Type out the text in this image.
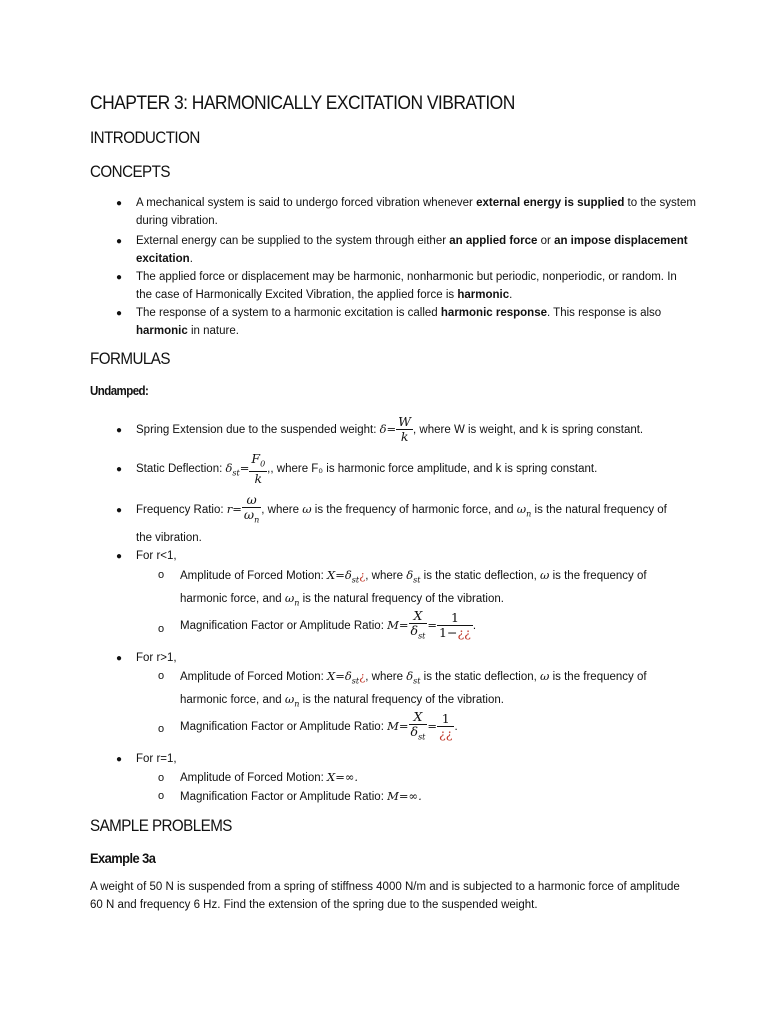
CHAPTER 3: HARMONICALLY EXCITATION VIBRATION
INTRODUCTION
CONCEPTS
● A mechanical system is said to undergo forced vibration whenever external energy is supplied to the system
during vibration.
● External energy can be supplied to the system through either an applied force or an impose displacement
excitation.
● The applied force or displacement may be harmonic, nonharmonic but periodic, nonperiodic, or random. In
the case of Harmonically Excited Vibration, the applied force is harmonic.
● The response of a system to a harmonic excitation is called harmonic response. This response is also
harmonic in nature.
FORMULAS
Undamped:
● Spring Extension due to the suspended weight: $\delta= \frac{W}{k}$ , where W is weight, and k is spring constant.
● Static Deflection: $\delta_{st}= \frac{F_0}{k}$ ,, where F₀ is harmonic force amplitude, and k is spring constant.
● Frequency Ratio: $r= \frac{\omega}{\omega_n}$ , where ω is the frequency of harmonic force, and $\omega_n$ is the natural frequency of
the vibration.
● For r<1,
o Amplitude of Forced Motion: $X=\delta_{st}¿$, where $\delta_{st}$ is the static deflection, ω is the frequency of
harmonic force, and $\omega_n$ is the natural frequency of the vibration.
o Magnification Factor or Amplitude Ratio: $M= \frac{X}{\delta_{st}} = \frac{1}{1-¿¿}$ .
● For r>1,
o Amplitude of Forced Motion: $X=\delta_{st}¿$, where $\delta_{st}$ is the static deflection, ω is the frequency of
harmonic force, and $\omega_n$ is the natural frequency of the vibration.
o Magnification Factor or Amplitude Ratio: $M= \frac{X}{\delta_{st}} = \frac{1}{¿¿}$ .
● For r=1,
o Amplitude of Forced Motion: X=∞.
o Magnification Factor or Amplitude Ratio: M=∞.
SAMPLE PROBLEMS
Example 3a
A weight of 50 N is suspended from a spring of stiffness 4000 N/m and is subjected to a harmonic force of amplitude
60 N and frequency 6 Hz. Find the extension of the spring due to the suspended weight.
